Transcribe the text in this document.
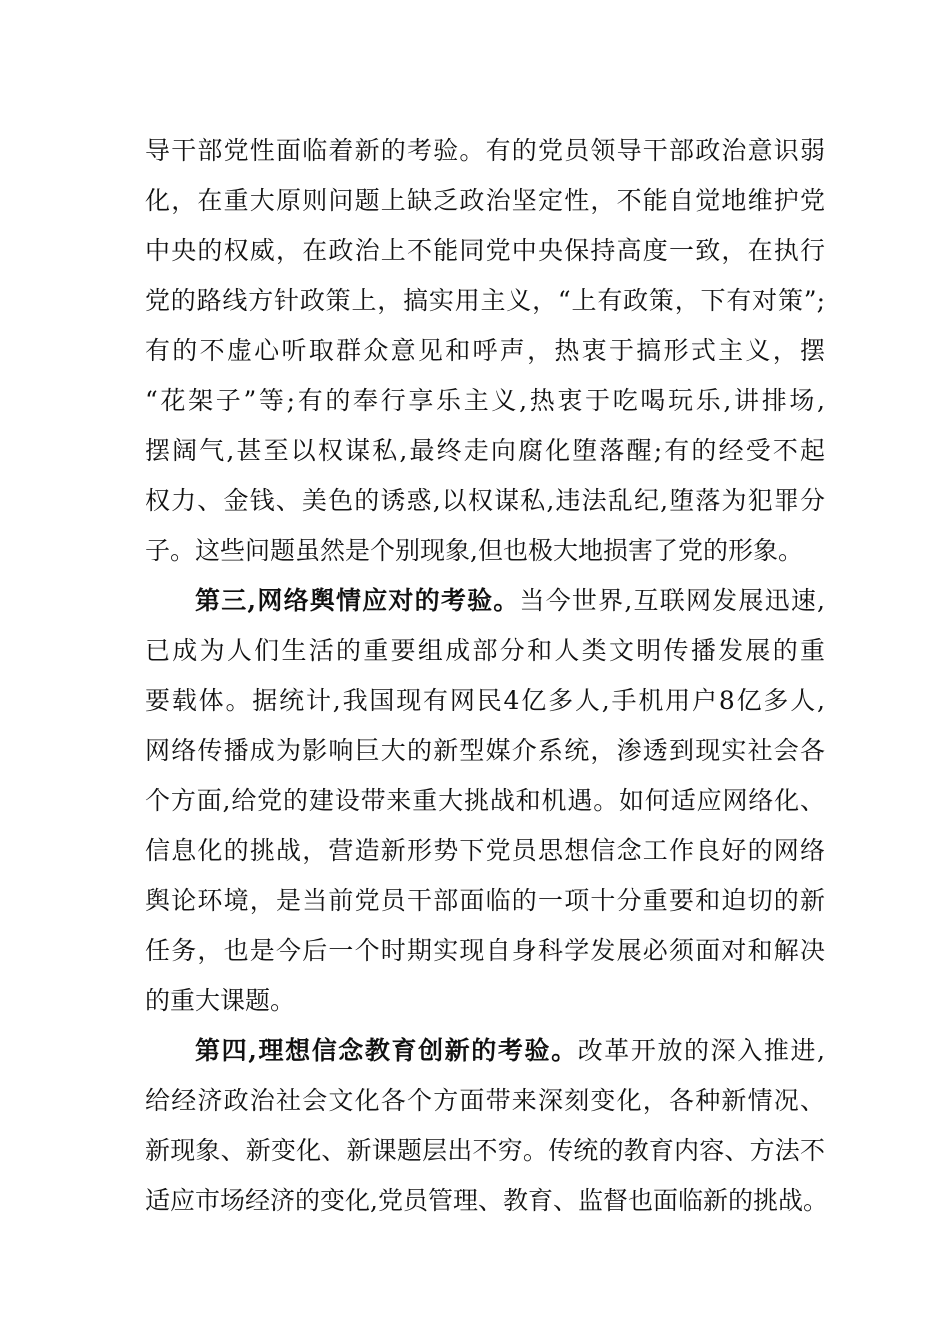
导干部党性面临着新的考验。有的党员领导干部政治意识弱
化，在重大原则问题上缺乏政治坚定性，不能自觉地维护党
中央的权威，在政治上不能同党中央保持高度一致，在执行
党的路线方针政策上，搞实用主义，“上有政策，下有对策”;
有的不虚心听取群众意见和呼声，热衷于搞形式主义，摆
“花架子”等;有的奉行享乐主义,热衷于吃喝玩乐,讲排场,
摆阔气,甚至以权谋私,最终走向腐化堕落醒;有的经受不起
权力、金钱、美色的诱惑,以权谋私,违法乱纪,堕落为犯罪分
子。这些问题虽然是个别现象,但也极大地损害了党的形象。
第三,网络舆情应对的考验。当今世界,互联网发展迅速,
已成为人们生活的重要组成部分和人类文明传播发展的重
要载体。据统计,我国现有网民4亿多人,手机用户8亿多人,
网络传播成为影响巨大的新型媒介系统，渗透到现实社会各
个方面,给党的建设带来重大挑战和机遇。如何适应网络化、
信息化的挑战，营造新形势下党员思想信念工作良好的网络
舆论环境，是当前党员干部面临的一项十分重要和迫切的新
任务，也是今后一个时期实现自身科学发展必须面对和解决
的重大课题。
第四,理想信念教育创新的考验。改革开放的深入推进,
给经济政治社会文化各个方面带来深刻变化，各种新情况、
新现象、新变化、新课题层出不穷。传统的教育内容、方法不
适应市场经济的变化,党员管理、教育、监督也面临新的挑战。
